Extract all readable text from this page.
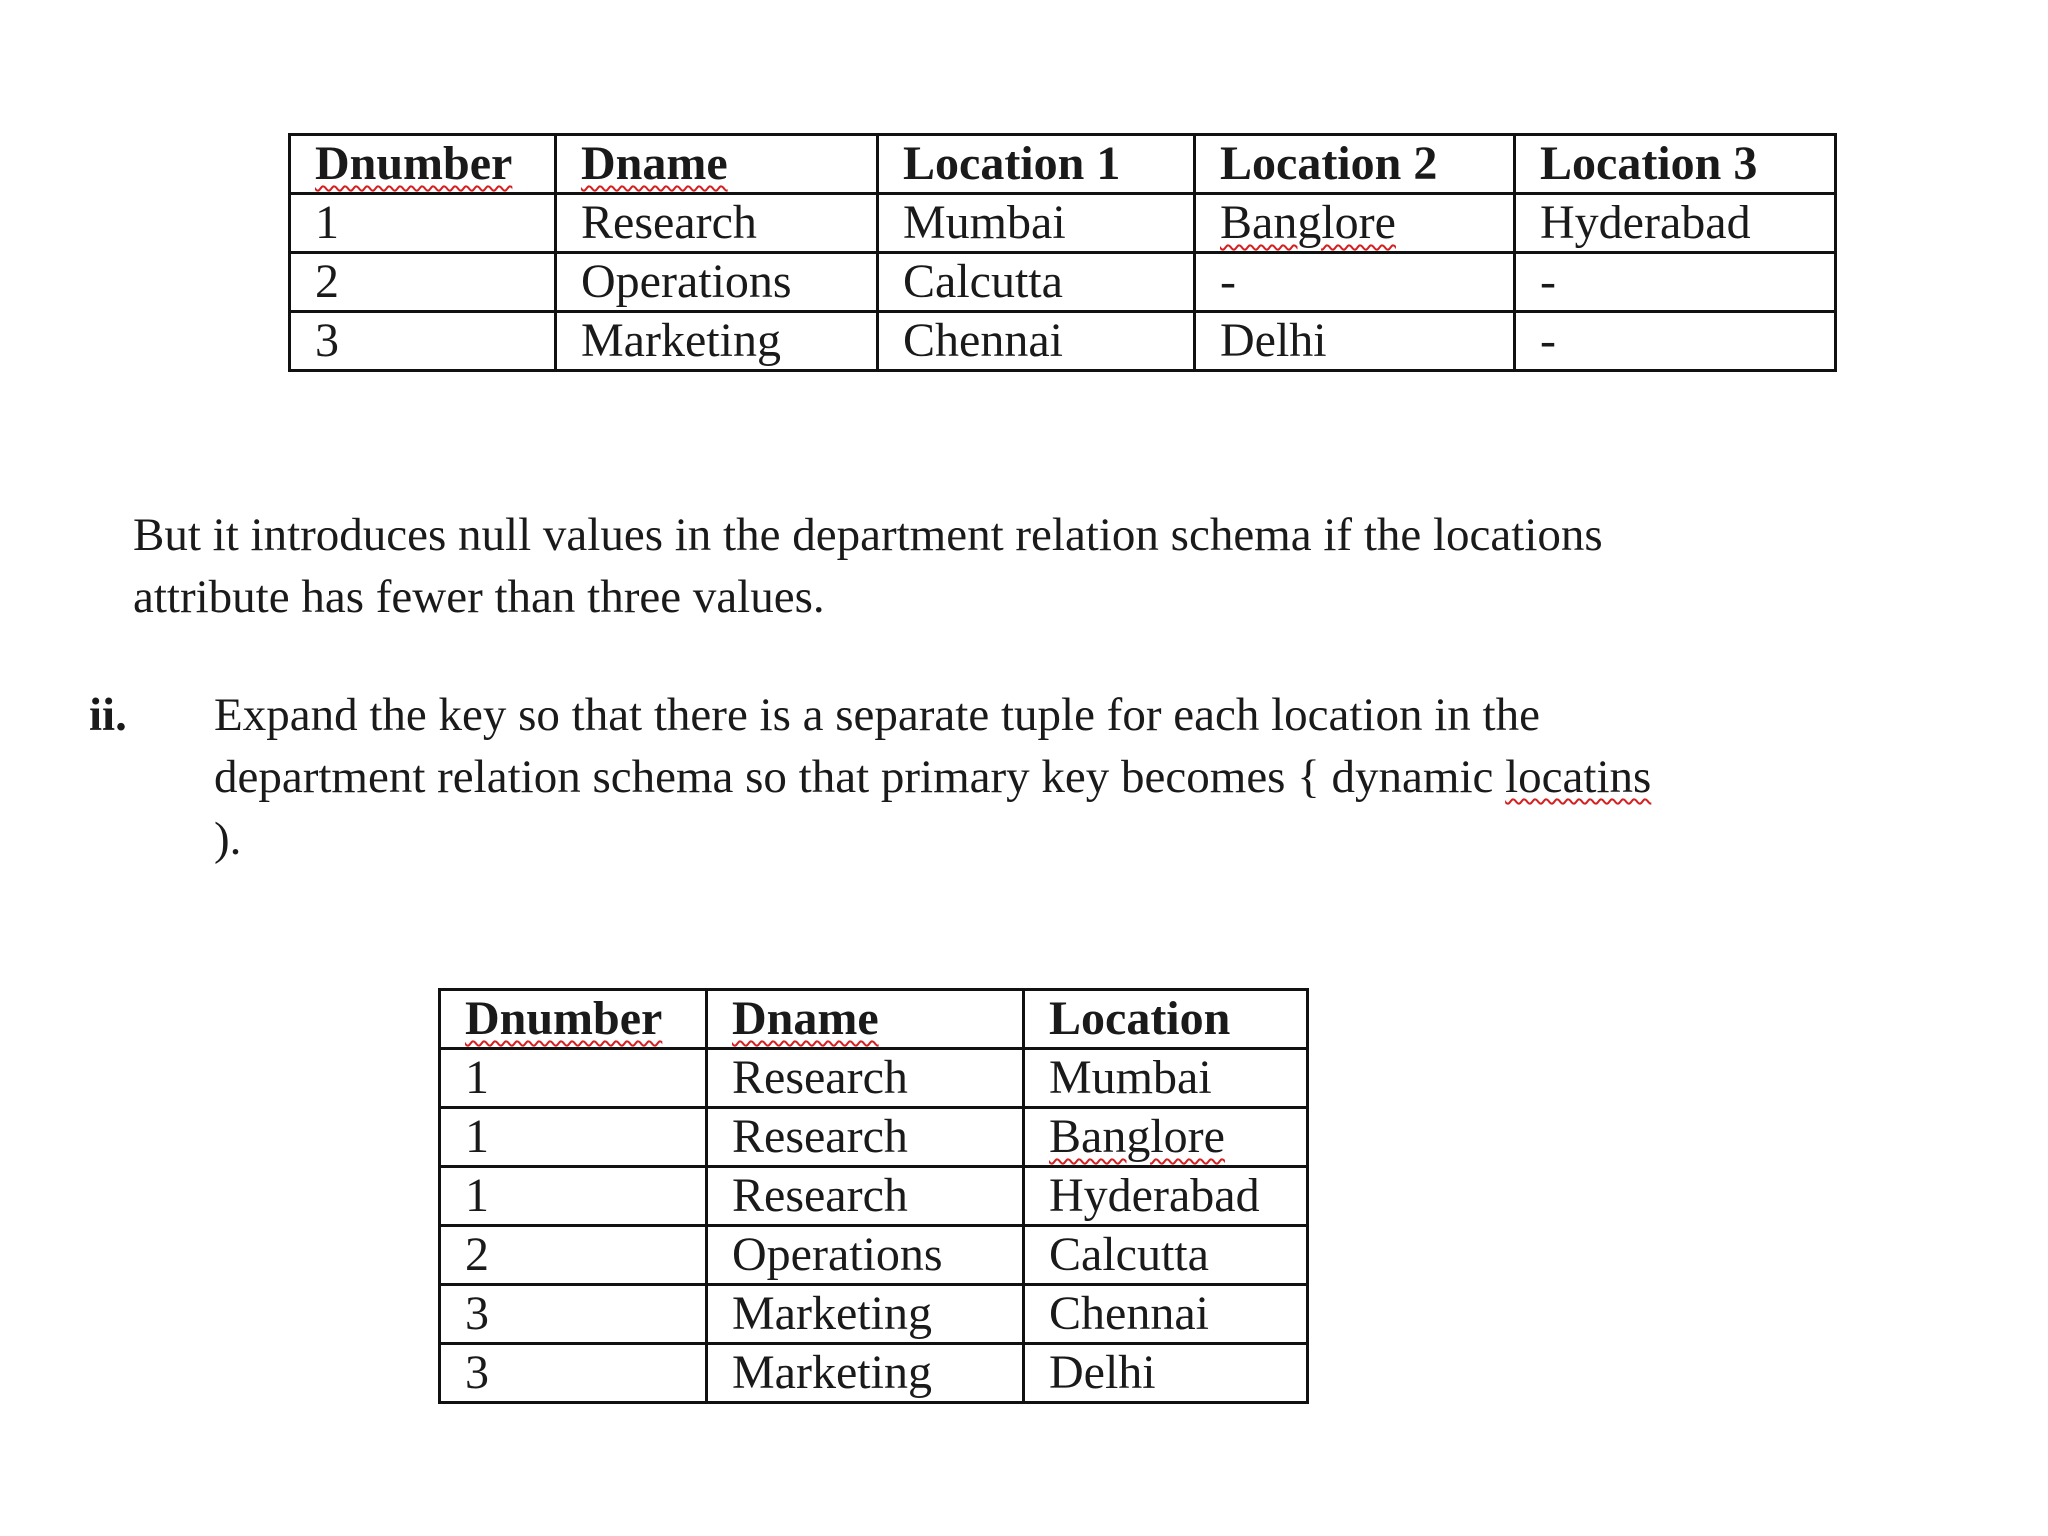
Dnumber	Dname	Location 1	Location 2	Location 3
1	Research	Mumbai	Banglore	Hyderabad
2	Operations	Calcutta	-	-
3	Marketing	Chennai	Delhi	-

But it introduces null values in the department relation schema if the locations
attribute has fewer than three values.

ii. Expand the key so that there is a separate tuple for each location in the
department relation schema so that primary key becomes { dynamic locatins
).

Dnumber	Dname	Location
1	Research	Mumbai
1	Research	Banglore
1	Research	Hyderabad
2	Operations	Calcutta
3	Marketing	Chennai
3	Marketing	Delhi
